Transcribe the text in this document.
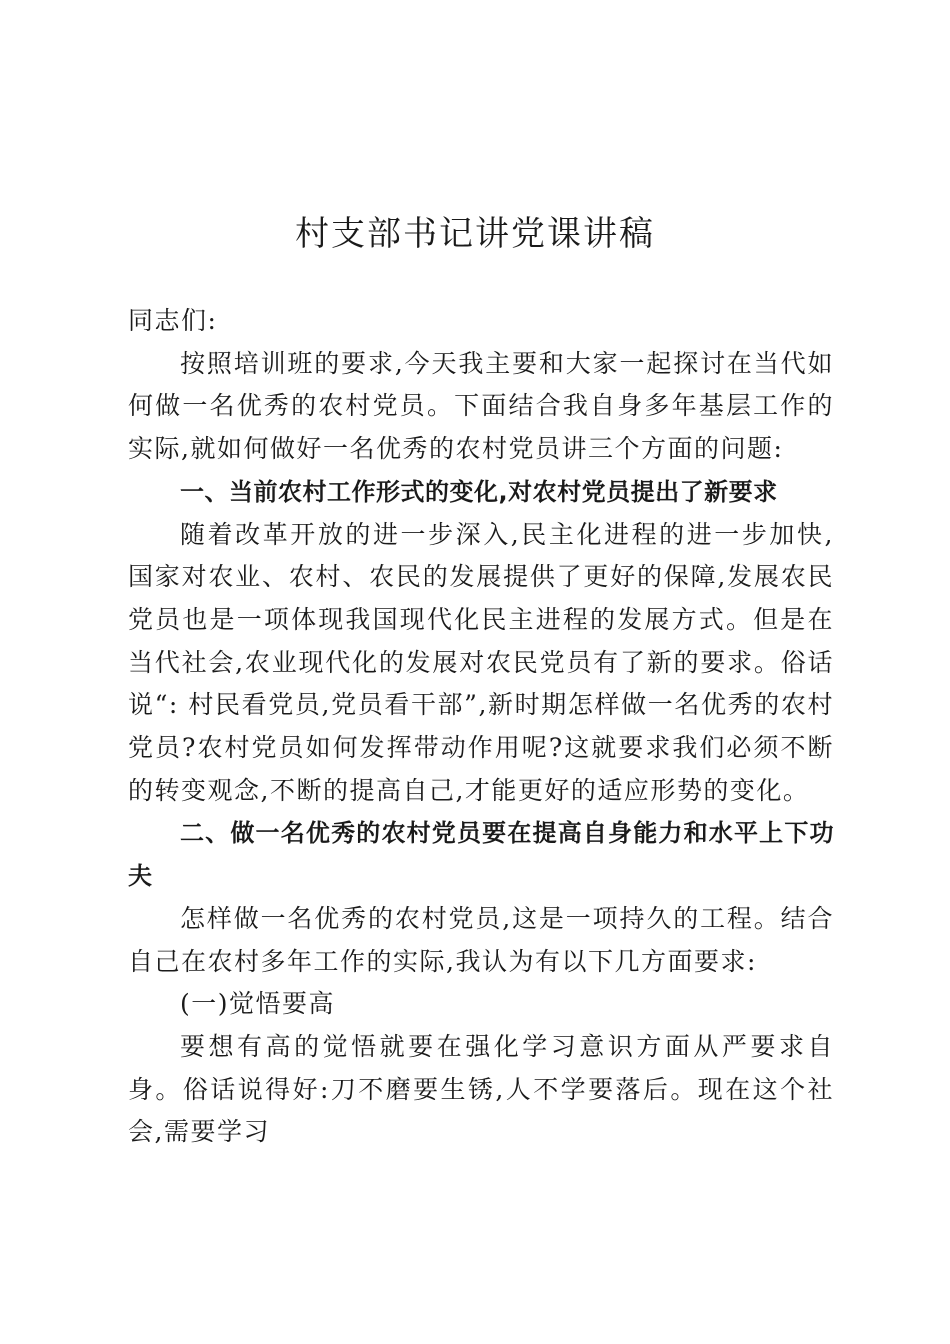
村支部书记讲党课讲稿

同志们:

按照培训班的要求,今天我主要和大家一起探讨在当代如何做一名优秀的农村党员。下面结合我自身多年基层工作的实际,就如何做好一名优秀的农村党员讲三个方面的问题:

一、当前农村工作形式的变化,对农村党员提出了新要求

随着改革开放的进一步深入,民主化进程的进一步加快,国家对农业、农村、农民的发展提供了更好的保障,发展农民党员也是一项体现我国现代化民主进程的发展方式。但是在当代社会,农业现代化的发展对农民党员有了新的要求。俗话说“: 村民看党员,党员看干部”,新时期怎样做一名优秀的农村党员?农村党员如何发挥带动作用呢?这就要求我们必须不断的转变观念,不断的提高自己,才能更好的适应形势的变化。

二、做一名优秀的农村党员要在提高自身能力和水平上下功夫

怎样做一名优秀的农村党员,这是一项持久的工程。结合自己在农村多年工作的实际,我认为有以下几方面要求:

(一)觉悟要高

要想有高的觉悟就要在强化学习意识方面从严要求自身。俗话说得好:刀不磨要生锈,人不学要落后。现在这个社会,需要学习
